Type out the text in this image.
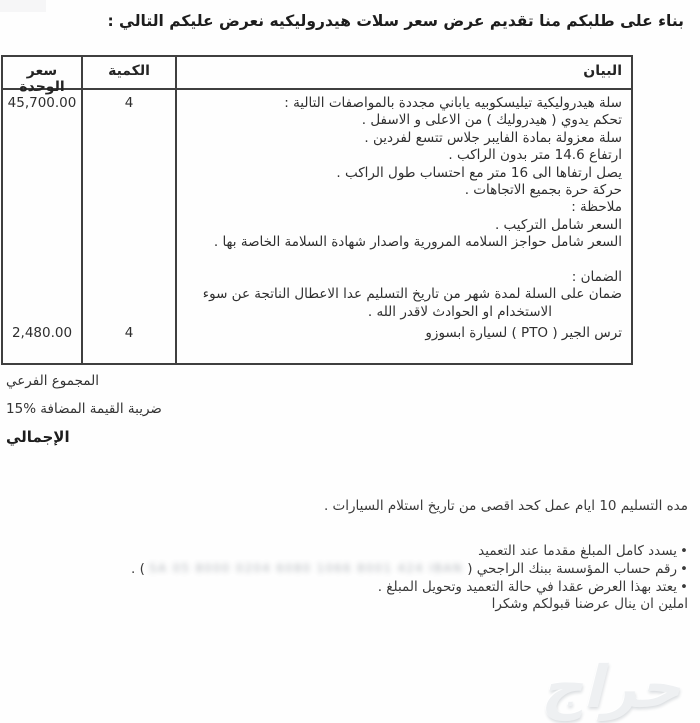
بناء على طلبكم منا تقديم عرض سعر سلات هيدروليكيه نعرض عليكم التالي :
البيان
الكمية
سعر الوحدة
سلة هيدروليكية تيليسكوبيه ياباني مجددة بالمواصفات التالية :
تحكم يدوي ( هيدروليك ) من الاعلى و الاسفل .
سلة معزولة بمادة الفايبر جلاس تتسع لفردين .
ارتفاع 14.6 متر بدون الراكب .
يصل ارتفاها الى 16 متر مع احتساب طول الراكب .
حركة حرة بجميع الاتجاهات .
ملاحظة :
السعر شامل التركيب .
السعر شامل حواجز السلامه المرورية واصدار شهادة السلامة الخاصة بها .
الضمان :
ضمان على السلة لمدة شهر من تاريخ التسليم عدا الاعطال الناتجة عن سوء
الاستخدام او الحوادث لاقدر الله .
4
45,700.00
ترس الجير ( PTO ) لسيارة ابسوزو
4
2,480.00
المجموع الفرعي
ضريبة القيمة المضافة %15
الإجمالي
مده التسليم 10 ايام عمل كحد اقصى من تاريخ استلام السيارات .
•يسدد كامل المبلغ مقدما عند التعميد
•رقم حساب المؤسسة ببنك الراجحي ( SA 05 8000 0204 6080 1066 8001 424 IBAN ) .
•يعتد بهذا العرض عقدا في حالة التعميد وتحويل المبلغ .
املين ان ينال عرضنا قبولكم وشكرا
حراج
